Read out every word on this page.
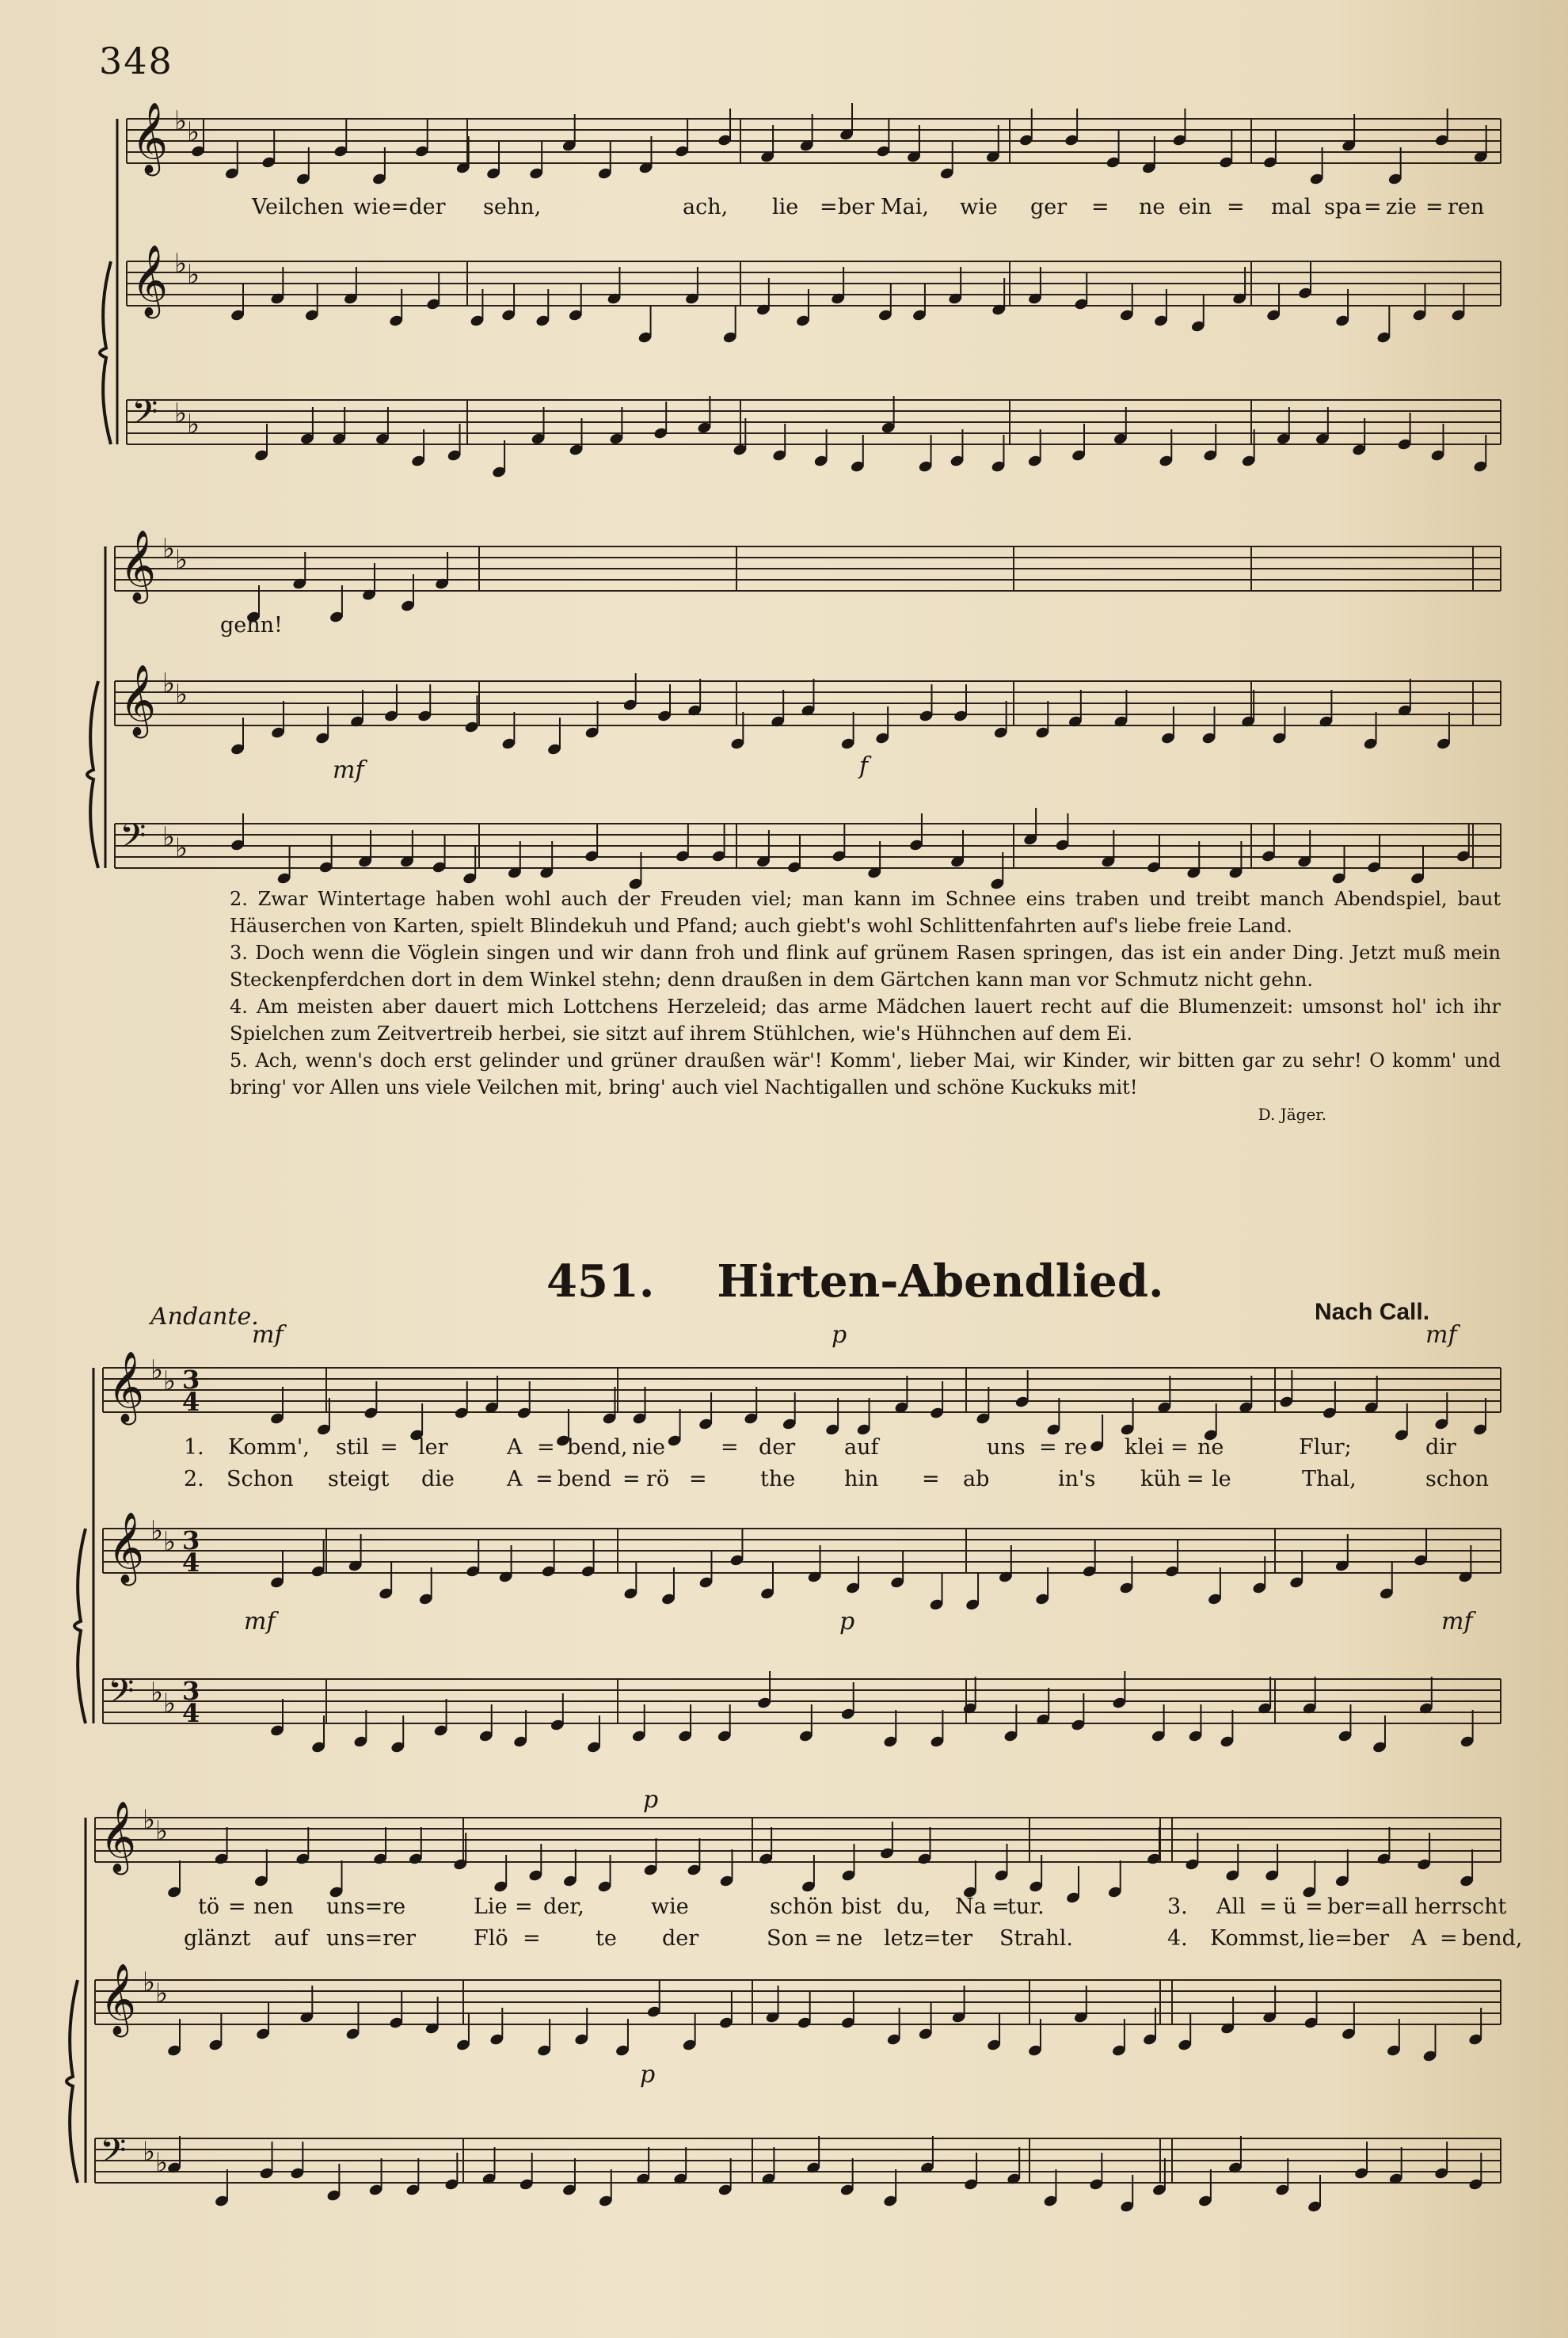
348
𝄞 ♭ ♭
𝄞 ♭ ♭
𝄢 ♭ ♭
𝄞 ♭ ♭
𝄞 ♭ ♭
𝄢 ♭ ♭
𝄞 ♭ ♭ 3
4
𝄞 ♭ ♭ 3
4
𝄢 ♭ ♭ 3
4
𝄞 ♭ ♭
𝄞 ♭ ♭
𝄢 ♭ ♭
Veilchen wie=der sehn,	ach, lie = ber Mai, wie ger = ne ein = mal spa = zie = ren
gehn!
mf	f

2. Zwar Wintertage haben wohl auch der Freuden viel; man kann im Schnee eins traben und treibt manch Abendspiel, baut Häuserchen von Karten, spielt Blindekuh und Pfand; auch giebt's wohl Schlittenfahrten auf's liebe freie Land.

3. Doch wenn die Vöglein singen und wir dann froh und flink auf grünem Rasen springen, das ist ein ander Ding. Jetzt muß mein Steckenpferdchen dort in dem Winkel stehn; denn draußen in dem Gärtchen kann man vor Schmutz nicht gehn.

4. Am meisten aber dauert mich Lottchens Herzeleid; das arme Mädchen lauert recht auf die Blumenzeit: umsonst hol' ich ihr Spielchen zum Zeitvertreib herbei, sie sitzt auf ihrem Stühlchen, wie's Hühnchen auf dem Ei.

5. Ach, wenn's doch erst gelinder und grüner draußen wär'! Komm', lieber Mai, wir Kinder, wir bitten gar zu sehr! O komm' und bring' vor Allen uns viele Veilchen mit, bring' auch viel Nachtigallen und schöne Kuckuks mit!

D. Jäger.

451. Hirten-Abendlied.
Andante.	Nach Call.
mf	p	mf
mf	p	mf
1. Komm', stil = ler	A = bend, nie	= der auf	uns = re klei = ne	Flur;	dir
2. Schon steigt die A = bend = rö = the hin = ab	in's küh = le	Thal,	schon
p
p
tö = nen uns=re	Lie = der,	wie	schön bist du, Na =
tur.	3. All = ü = ber=all herrscht
glänzt auf uns=rer	Flö =	te der	Son = ne letz=ter Strahl.	4. Kommst, lie=ber A = bend,
